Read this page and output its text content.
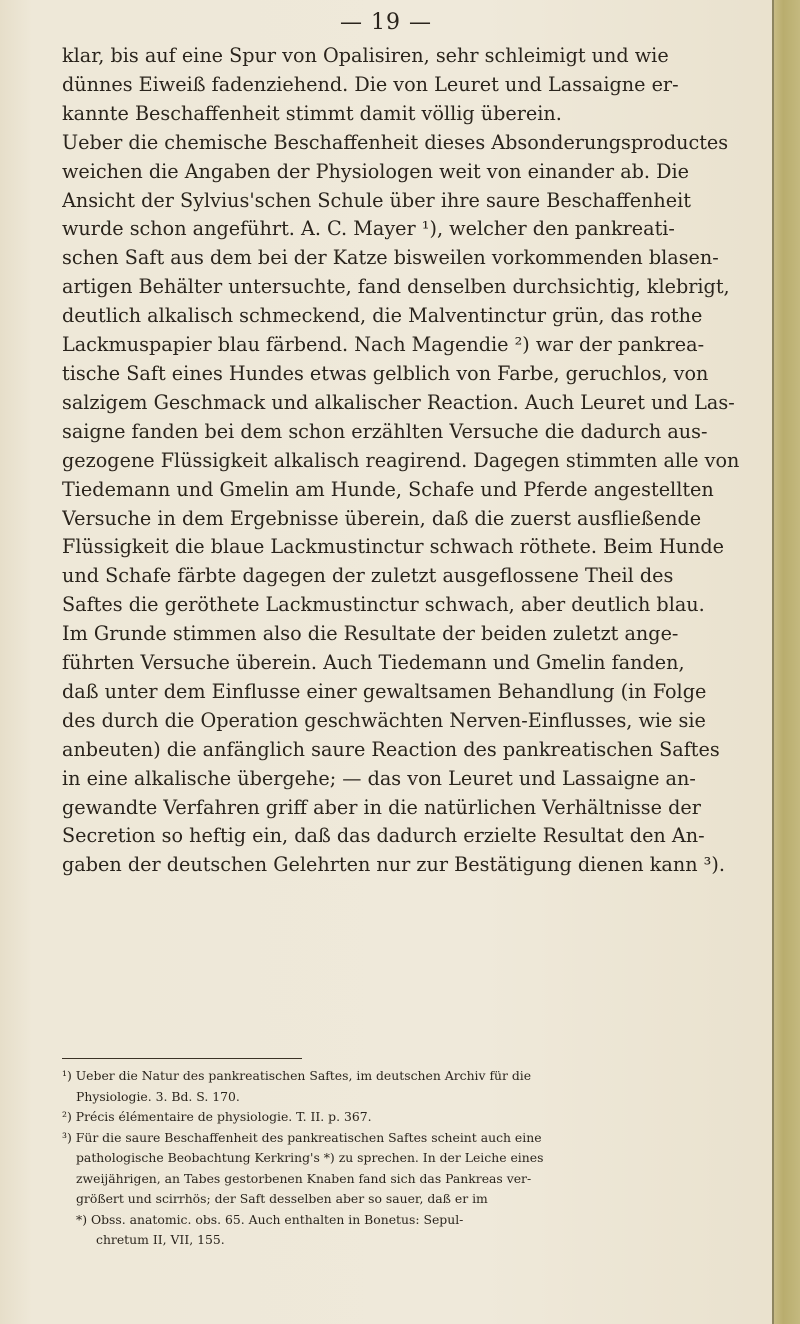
— 19 —
klar, bis auf eine Spur von Opalisiren, sehr schleimigt und wie
dünnes Eiweiß fadenziehend. Die von Leuret und Lassaigne er-
kannte Beschaffenheit stimmt damit völlig überein.
Ueber die chemische Beschaffenheit dieses Absonderungsproductes
weichen die Angaben der Physiologen weit von einander ab. Die
Ansicht der Sylvius'schen Schule über ihre saure Beschaffenheit
wurde schon angeführt. A. C. Mayer ¹), welcher den pankreati-
schen Saft aus dem bei der Katze bisweilen vorkommenden blasen-
artigen Behälter untersuchte, fand denselben durchsichtig, klebrigt,
deutlich alkalisch schmeckend, die Malventinctur grün, das rothe
Lackmuspapier blau färbend. Nach Magendie ²) war der pankrea-
tische Saft eines Hundes etwas gelblich von Farbe, geruchlos, von
salzigem Geschmack und alkalischer Reaction. Auch Leuret und Las-
saigne fanden bei dem schon erzählten Versuche die dadurch aus-
gezogene Flüssigkeit alkalisch reagirend. Dagegen stimmten alle von
Tiedemann und Gmelin am Hunde, Schafe und Pferde angestellten
Versuche in dem Ergebnisse überein, daß die zuerst ausfließende
Flüssigkeit die blaue Lackmustinctur schwach röthete. Beim Hunde
und Schafe färbte dagegen der zuletzt ausgeflossene Theil des
Saftes die geröthete Lackmustinctur schwach, aber deutlich blau.
Im Grunde stimmen also die Resultate der beiden zuletzt ange-
führten Versuche überein. Auch Tiedemann und Gmelin fanden,
daß unter dem Einflusse einer gewaltsamen Behandlung (in Folge
des durch die Operation geschwächten Nerven-Einflusses, wie sie
anbeuten) die anfänglich saure Reaction des pankreatischen Saftes
in eine alkalische übergehe; — das von Leuret und Lassaigne an-
gewandte Verfahren griff aber in die natürlichen Verhältnisse der
Secretion so heftig ein, daß das dadurch erzielte Resultat den An-
gaben der deutschen Gelehrten nur zur Bestätigung dienen kann ³).
¹) Ueber die Natur des pankreatischen Saftes, im deutschen Archiv für die
Physiologie. 3. Bd. S. 170.
²) Précis élémentaire de physiologie. T. II. p. 367.
³) Für die saure Beschaffenheit des pankreatischen Saftes scheint auch eine
pathologische Beobachtung Kerkring's *) zu sprechen. In der Leiche eines
zweijährigen, an Tabes gestorbenen Knaben fand sich das Pankreas ver-
größert und scirrhös; der Saft desselben aber so sauer, daß er im
*) Obss. anatomic. obs. 65. Auch enthalten in Bonetus: Sepul-
chretum II, VII, 155.
